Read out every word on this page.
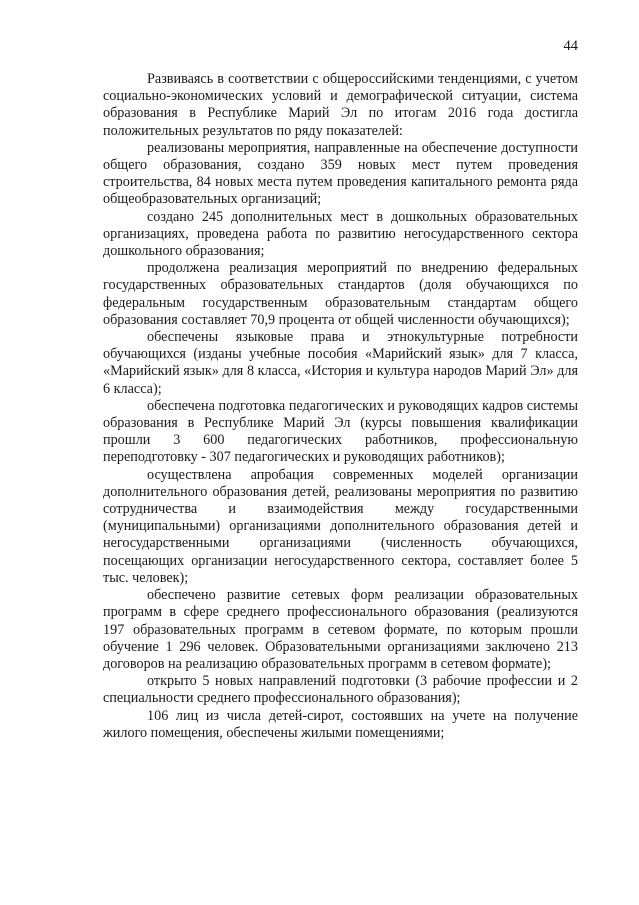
44

Развиваясь в соответствии с общероссийскими тенденциями, с учетом социально-экономических условий и демографической ситуации, система образования в Республике Марий Эл по итогам 2016 года достигла положительных результатов по ряду показателей:

реализованы мероприятия, направленные на обеспечение доступности общего образования, создано 359 новых мест путем проведения строительства, 84 новых места путем проведения капитального ремонта ряда общеобразовательных организаций;

создано 245 дополнительных мест в дошкольных образовательных организациях, проведена работа по развитию негосударственного сектора дошкольного образования;

продолжена реализация мероприятий по внедрению федеральных государственных образовательных стандартов (доля обучающихся по федеральным государственным образовательным стандартам общего образования составляет 70,9 процента от общей численности обучающихся);

обеспечены языковые права и этнокультурные потребности обучающихся (изданы учебные пособия «Марийский язык» для 7 класса, «Марийский язык» для 8 класса, «История и культура народов Марий Эл» для 6 класса);

обеспечена подготовка педагогических и руководящих кадров системы образования в Республике Марий Эл (курсы повышения квалификации прошли 3 600 педагогических работников, профессиональную переподготовку - 307 педагогических и руководящих работников);

осуществлена апробация современных моделей организации дополнительного образования детей, реализованы мероприятия по развитию сотрудничества и взаимодействия между государственными (муниципальными) организациями дополнительного образования детей и негосударственными организациями (численность обучающихся, посещающих организации негосударственного сектора, составляет более 5 тыс. человек);

обеспечено развитие сетевых форм реализации образовательных программ в сфере среднего профессионального образования (реализуются 197 образовательных программ в сетевом формате, по которым прошли обучение 1 296 человек. Образовательными организациями заключено 213 договоров на реализацию образовательных программ в сетевом формате);

открыто 5 новых направлений подготовки (3 рабочие профессии и 2 специальности среднего профессионального образования);

106 лиц из числа детей-сирот, состоявших на учете на получение жилого помещения, обеспечены жилыми помещениями;
